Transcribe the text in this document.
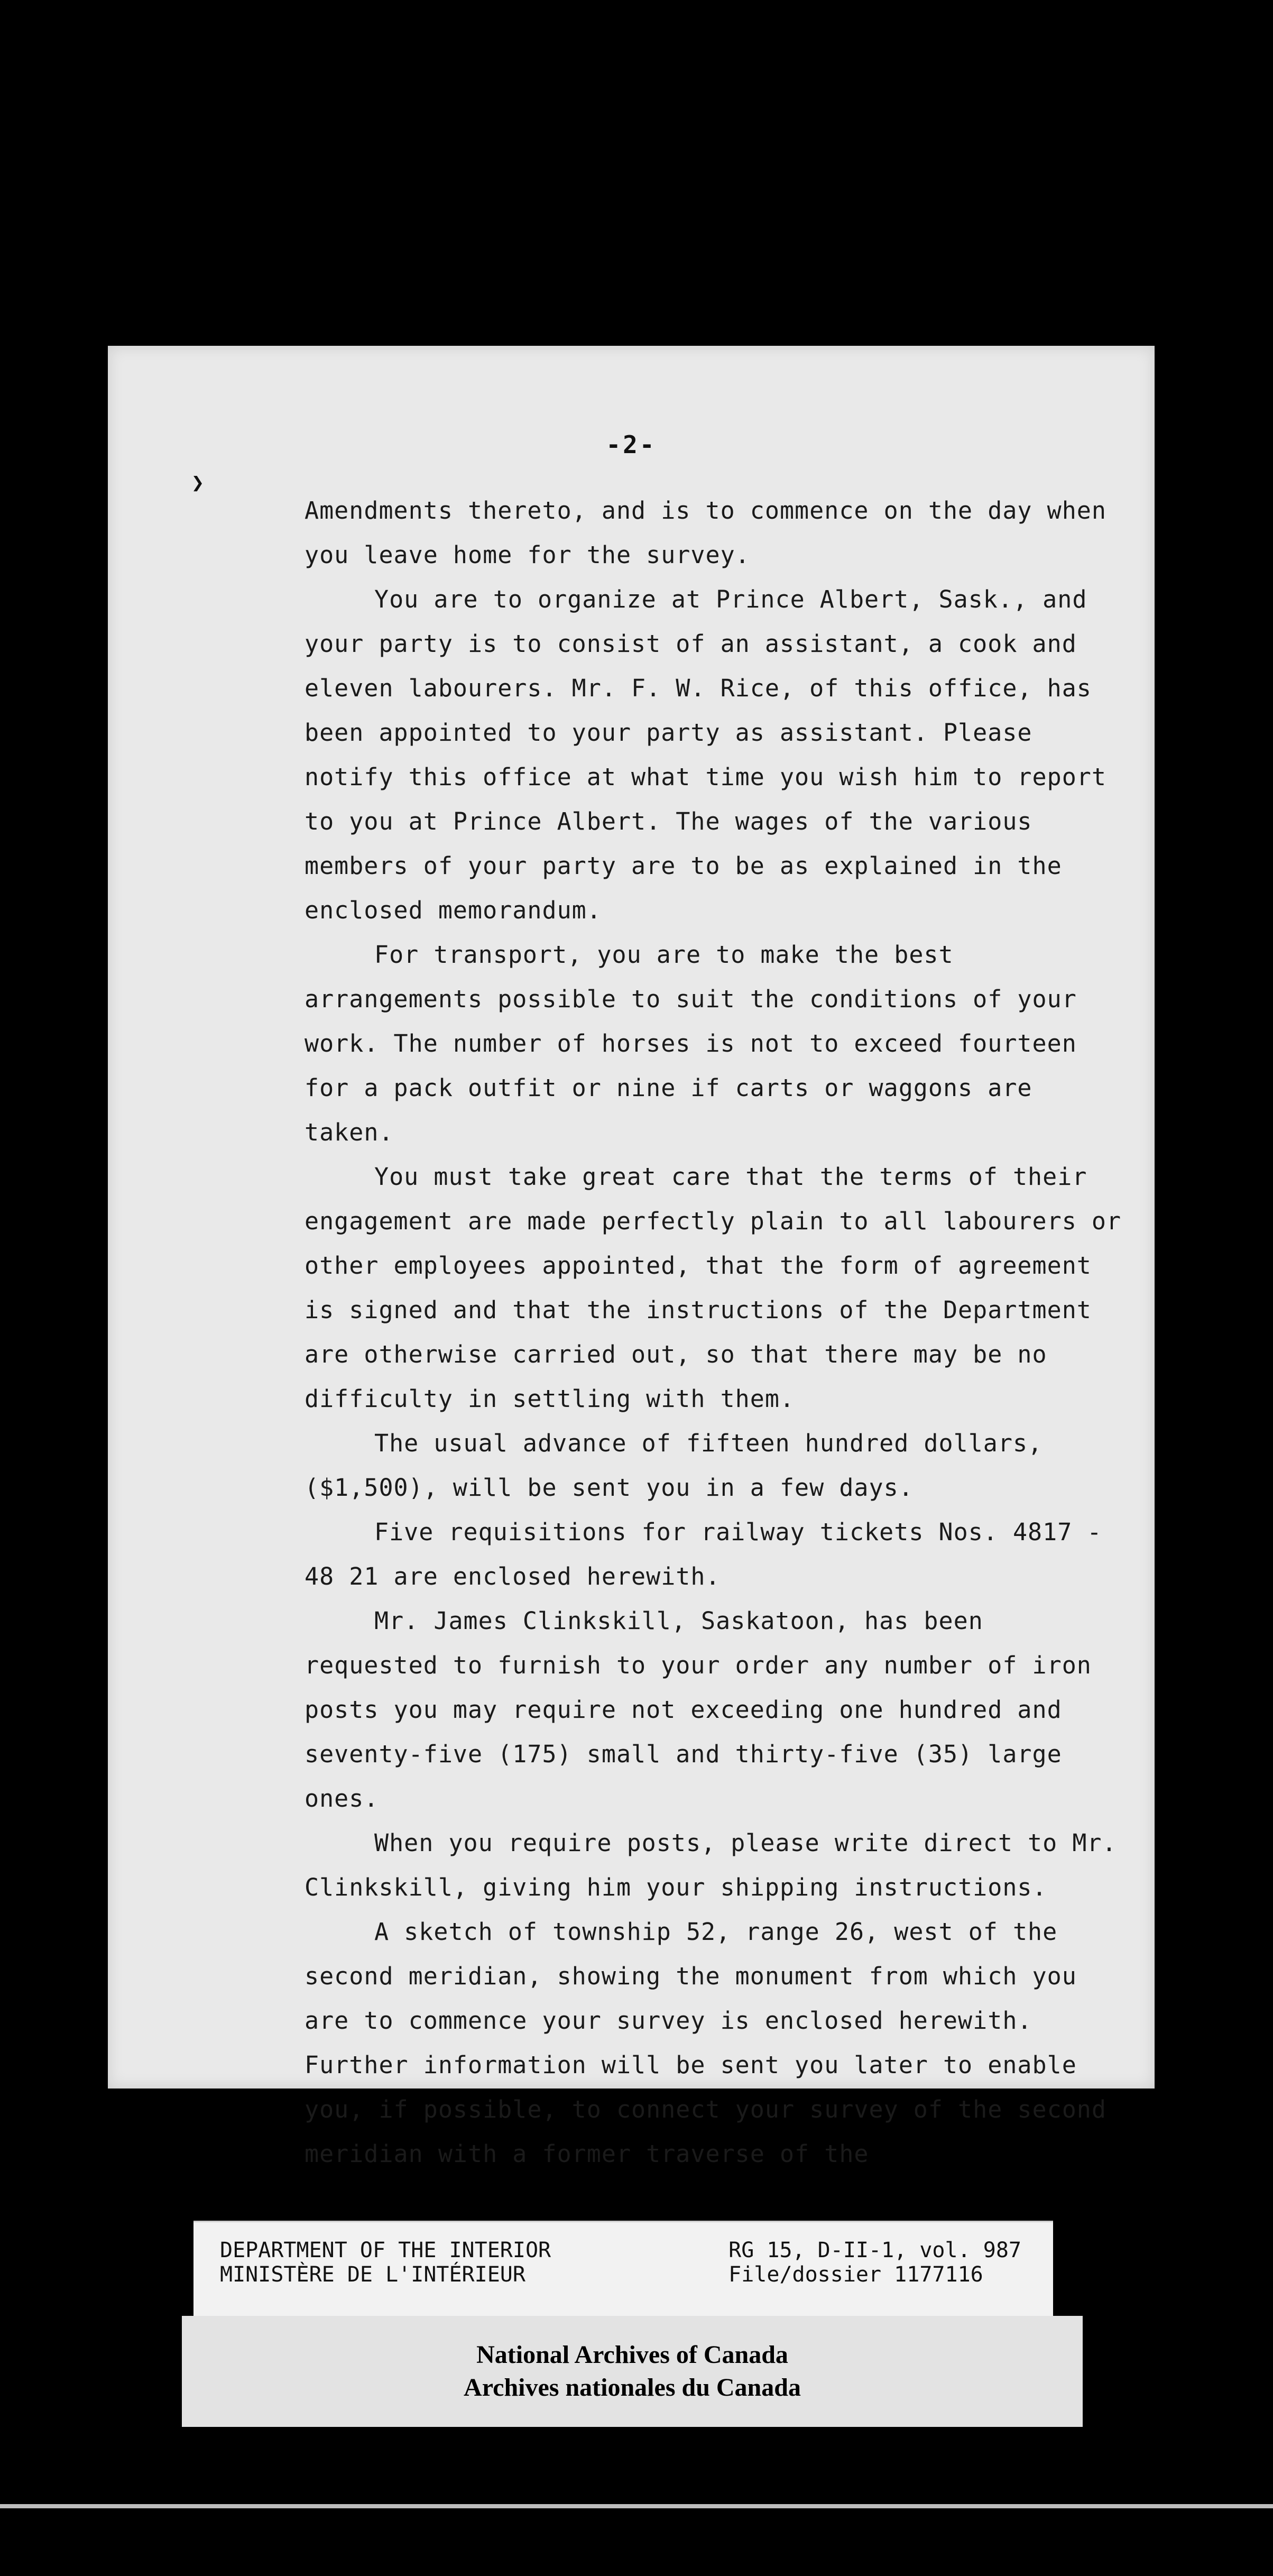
-2-
❯

Amendments thereto, and is to commence on the day when you leave home for the survey.

You are to organize at Prince Albert, Sask., and your party is to consist of an assistant, a cook and eleven labourers. Mr. F. W. Rice, of this office, has been appointed to your party as assistant. Please notify this office at what time you wish him to report to you at Prince Albert. The wages of the various members of your party are to be as explained in the enclosed memorandum.

For transport, you are to make the best arrangements possible to suit the conditions of your work. The number of horses is not to exceed fourteen for a pack outfit or nine if carts or waggons are taken.

You must take great care that the terms of their engagement are made perfectly plain to all labourers or other employees appointed, that the form of agreement is signed and that the instructions of the Department are otherwise carried out, so that there may be no difficulty in settling with them.

The usual advance of fifteen hundred dollars, ($1,500), will be sent you in a few days.

Five requisitions for railway tickets Nos. 4817 - 48 21 are enclosed herewith.

Mr. James Clinkskill, Saskatoon, has been requested to furnish to your order any number of iron posts you may require not exceeding one hundred and seventy-five (175) small and thirty-five (35) large ones.

When you require posts, please write direct to Mr. Clinkskill, giving him your shipping instructions.

A sketch of township 52, range 26, west of the second meridian, showing the monument from which you are to commence your survey is enclosed herewith. Further information will be sent you later to enable you, if possible, to connect your survey of the second meridian with a former traverse of the

DEPARTMENT OF THE INTERIOR
MINISTÈRE DE L'INTÉRIEUR
RG 15, D-II-1, vol. 987
File/dossier 1177116
National Archives of Canada
Archives nationales du Canada
